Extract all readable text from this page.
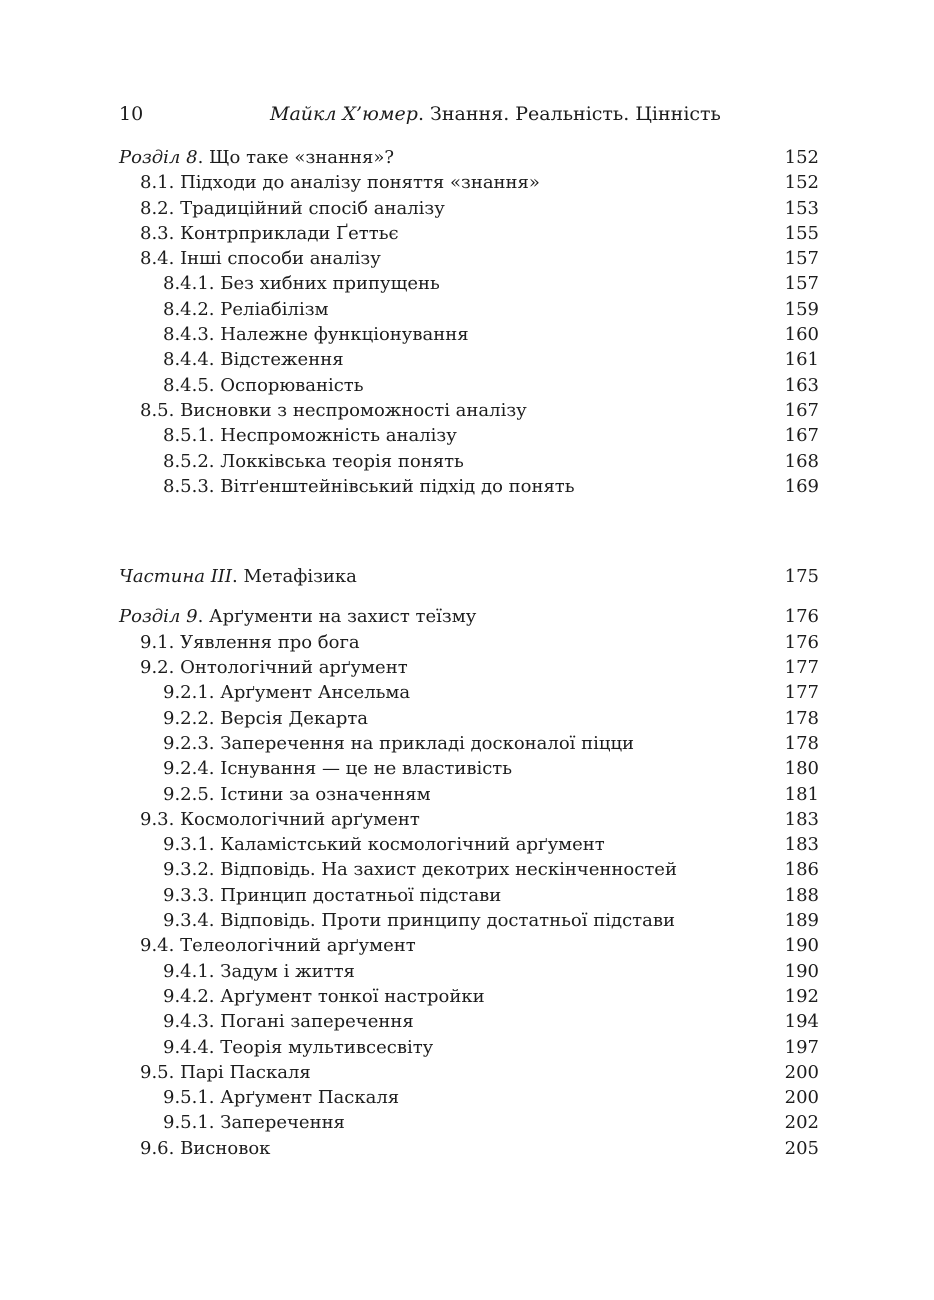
10	Майкл Х’юмер. Знання. Реальність. Цінність
Розділ 8. Що таке «знання»?	152
8.1. Підходи до аналізу поняття «знання»	152
8.2. Традиційний спосіб аналізу	153
8.3. Контрприклади Ґеттьє	155
8.4. Інші способи аналізу	157
8.4.1. Без хибних припущень	157
8.4.2. Реліабілізм	159
8.4.3. Належне функціонування	160
8.4.4. Відстеження	161
8.4.5. Оспорюваність	163
8.5. Висновки з неспроможності аналізу	167
8.5.1. Неспроможність аналізу	167
8.5.2. Локківська теорія понять	168
8.5.3. Вітґенштейнівський підхід до понять	169
Частина ІІІ. Метафізика	175
Розділ 9. Арґументи на захист теїзму	176
9.1. Уявлення про бога	176
9.2. Онтологічний арґумент	177
9.2.1. Арґумент Ансельма	177
9.2.2. Версія Декарта	178
9.2.3. Заперечення на прикладі досконалої піцци	178
9.2.4. Існування — це не властивість	180
9.2.5. Істини за означенням	181
9.3. Космологічний арґумент	183
9.3.1. Каламістський космологічний арґумент	183
9.3.2. Відповідь. На захист декотрих нескінченностей	186
9.3.3. Принцип достатньої підстави	188
9.3.4. Відповідь. Проти принципу достатньої підстави	189
9.4. Телеологічний арґумент	190
9.4.1. Задум і життя	190
9.4.2. Арґумент тонкої настройки	192
9.4.3. Погані заперечення	194
9.4.4. Теорія мультивсесвіту	197
9.5. Парі Паскаля	200
9.5.1. Арґумент Паскаля	200
9.5.1. Заперечення	202
9.6. Висновок	205
